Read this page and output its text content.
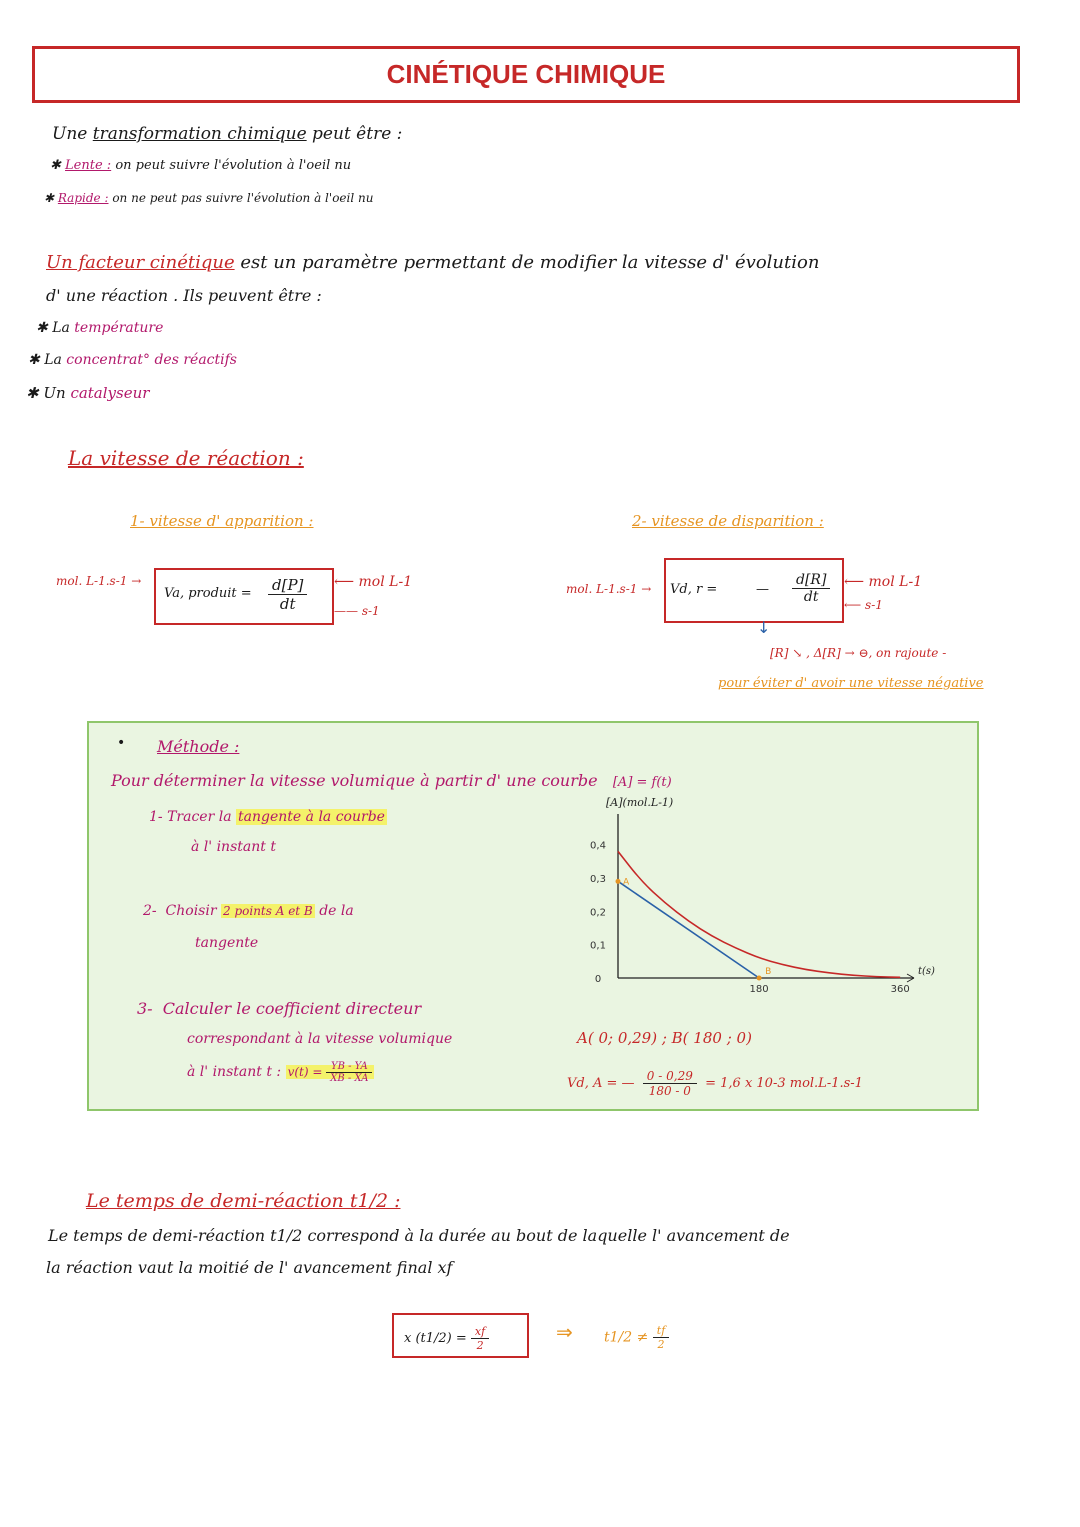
CINÉTIQUE CHIMIQUE
Une transformation chimique peut être :
✱ Lente : on peut suivre l'évolution à l'oeil nu
✱ Rapide : on ne peut pas suivre l'évolution à l'oeil nu
Un facteur cinétique est un paramètre permettant de modifier la vitesse d' évolution
d' une réaction . Ils peuvent être :
✱ La température
✱ La concentrat° des réactifs
✱ Un catalyseur
La vitesse de réaction :
1- vitesse d' apparition :
mol. L-1.s-1 →
Va, produit = $\frac{d[P]}{dt}$ ⟵ mol L-1
—— s-1
2- vitesse de disparition :
mol. L-1.s-1 → Vd, r =	— $\frac{d[R]}{dt}$ ⟵ mol L-1
⟵ s-1
↓
[R] ↘ , Δ[R] → ⊖, on rajoute -
pour éviter d' avoir une vitesse négative
• Méthode :
Pour déterminer la vitesse volumique à partir d' une courbe [A] = f(t)
1- Tracer la tangente à la courbe
à l' instant t
2- Choisir 2 points A et B de la
tangente
3- Calculer le coefficient directeur
correspondant à la vitesse volumique
à l' instant t : $v(t) = \frac{YB - YA}{XB - XA}$
A( 0; 0,29) ; B( 180 ; 0)
Vd, A = — $\frac{0 - 0,29}{180 - 0} = 1,6$ x 10-3 mol.L-1.s-1
0
0,1
0,2
0,3
0,4
180	360
[A](mol.L-1)
t(s)
A
B
Le temps de demi-réaction t1/2 :
Le temps de demi-réaction t1/2 correspond à la durée au bout de laquelle l' avancement de
la réaction vaut la moitié de l' avancement final xf
x $(t1/2) = \frac{xf}{2}$	⇒ $t1/2 \ne \frac{tf}{2}$
